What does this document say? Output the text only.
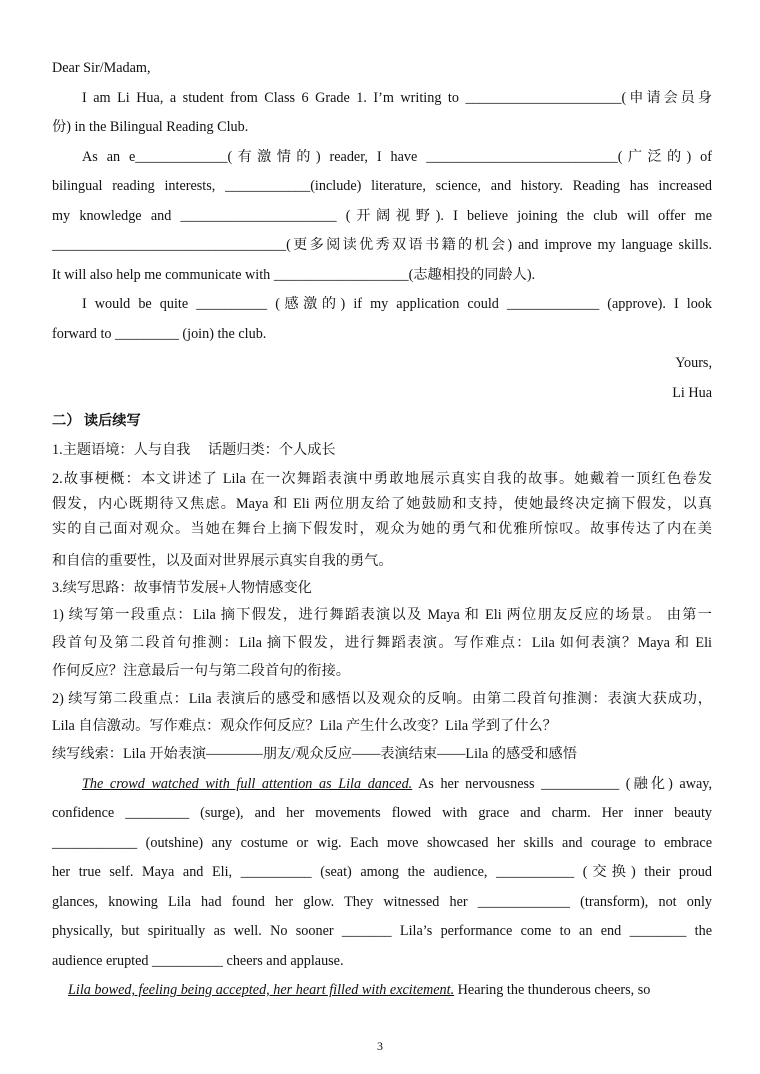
Dear Sir/Madam,
I am Li Hua, a student from Class 6 Grade 1. I’m writing to ______________________(申请会员身
份) in the Bilingual Reading Club.
As an e_____________(有激情的) reader, I have ___________________________(广泛的) of
bilingual reading interests, ____________(include) literature, science, and history. Reading has increased
my knowledge and ______________________ (开阔视野). I believe joining the club will offer me
_________________________________(更多阅读优秀双语书籍的机会) and improve my language skills.
It will also help me communicate with ___________________(志趣相投的同龄人).
I would be quite __________ (感激的) if my application could _____________ (approve). I look
forward to _________ (join) the club.
Yours,
Li Hua
二） 读后续写
1.主题语境：人与自我 话题归类：个人成长
2.故事梗概：本文讲述了 Lila 在一次舞蹈表演中勇敢地展示真实自我的故事。她戴着一顶红色卷发
假发，内心既期待又焦虑。Maya 和 Eli 两位朋友给了她鼓励和支持，使她最终决定摘下假发，以真
实的自己面对观众。当她在舞台上摘下假发时，观众为她的勇气和优雅所惊叹。故事传达了内在美
和自信的重要性，以及面对世界展示真实自我的勇气。
3.续写思路：故事情节发展+人物情感变化
1) 续写第一段重点：Lila 摘下假发，进行舞蹈表演以及 Maya 和 Eli 两位朋友反应的场景。 由第一
段首句及第二段首句推测：Lila 摘下假发，进行舞蹈表演。写作难点：Lila 如何表演？Maya 和 Eli
作何反应？注意最后一句与第二段首句的衔接。
2) 续写第二段重点：Lila 表演后的感受和感悟以及观众的反响。由第二段首句推测：表演大获成功，
Lila 自信激动。写作难点：观众作何反应？Lila 产生什么改变？Lila 学到了什么？
续写线索：Lila 开始表演————朋友/观众反应——表演结束——Lila 的感受和感悟
The crowd watched with full attention as Lila danced. As her nervousness ___________ (融化) away,
confidence _________ (surge), and her movements flowed with grace and charm. Her inner beauty
____________ (outshine) any costume or wig. Each move showcased her skills and courage to embrace
her true self. Maya and Eli, __________ (seat) among the audience, ___________ (交换) their proud
glances, knowing Lila had found her glow. They witnessed her _____________ (transform), not only
physically, but spiritually as well. No sooner _______ Lila’s performance come to an end ________ the
audience erupted __________ cheers and applause.
Lila bowed, feeling being accepted, her heart filled with excitement. Hearing the thunderous cheers, so
3
